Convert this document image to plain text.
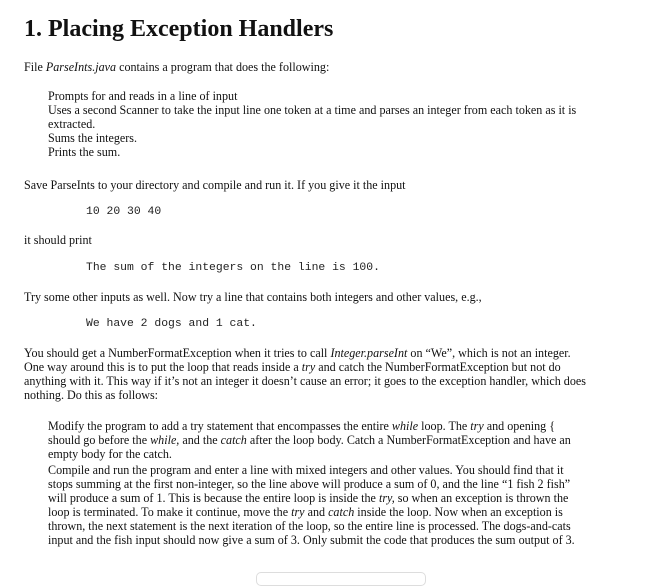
1. Placing Exception Handlers

File ParseInts.java contains a program that does the following:

Prompts for and reads in a line of input

Uses a second Scanner to take the input line one token at a time and parses an integer from each token as it is extracted.

Sums the integers.

Prints the sum.

Save ParseInts to your directory and compile and run it. If you give it the input

10 20 30 40

it should print

The sum of the integers on the line is 100.

Try some other inputs as well. Now try a line that contains both integers and other values, e.g.,

We have 2 dogs and 1 cat.

You should get a NumberFormatException when it tries to call Integer.parseInt on “We”, which is not an integer. One way around this is to put the loop that reads inside a try and catch the NumberFormatException but not do anything with it. This way if it’s not an integer it doesn’t cause an error; it goes to the exception handler, which does nothing. Do this as follows:

Modify the program to add a try statement that encompasses the entire while loop. The try and opening { should go before the while, and the catch after the loop body. Catch a NumberFormatException and have an empty body for the catch.

Compile and run the program and enter a line with mixed integers and other values. You should find that it stops summing at the first non-integer, so the line above will produce a sum of 0, and the line “1 fish 2 fish” will produce a sum of 1. This is because the entire loop is inside the try, so when an exception is thrown the loop is terminated. To make it continue, move the try and catch inside the loop. Now when an exception is thrown, the next statement is the next iteration of the loop, so the entire line is processed. The dogs-and-cats input and the fish input should now give a sum of 3. Only submit the code that produces the sum output of 3.
